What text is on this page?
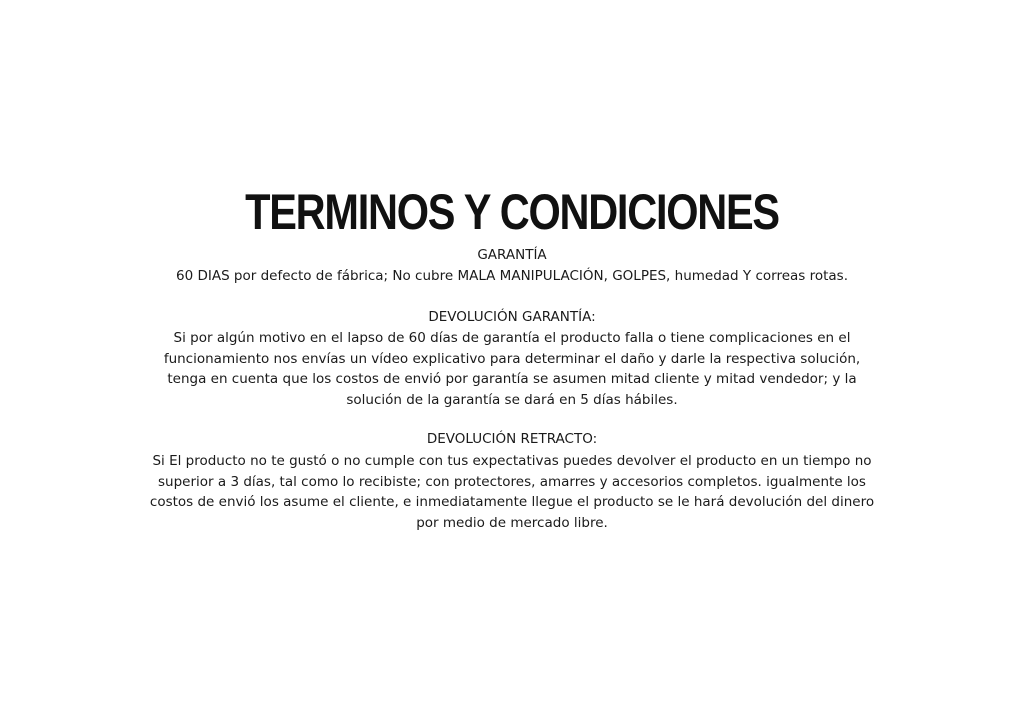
TERMINOS Y CONDICIONES
GARANTÍA

60 DIAS por defecto de fábrica; No cubre MALA MANIPULACIÓN, GOLPES, humedad Y correas rotas.

DEVOLUCIÓN GARANTÍA:

Si por algún motivo en el lapso de 60 días de garantía el producto falla o tiene complicaciones en el
funcionamiento nos envías un vídeo explicativo para determinar el daño y darle la respectiva solución,
tenga en cuenta que los costos de envió por garantía se asumen mitad cliente y mitad vendedor; y la
solución de la garantía se dará en 5 días hábiles.

DEVOLUCIÓN RETRACTO:

Si El producto no te gustó o no cumple con tus expectativas puedes devolver el producto en un tiempo no
superior a 3 días, tal como lo recibiste; con protectores, amarres y accesorios completos. igualmente los
costos de envió los asume el cliente, e inmediatamente llegue el producto se le hará devolución del dinero
por medio de mercado libre.
